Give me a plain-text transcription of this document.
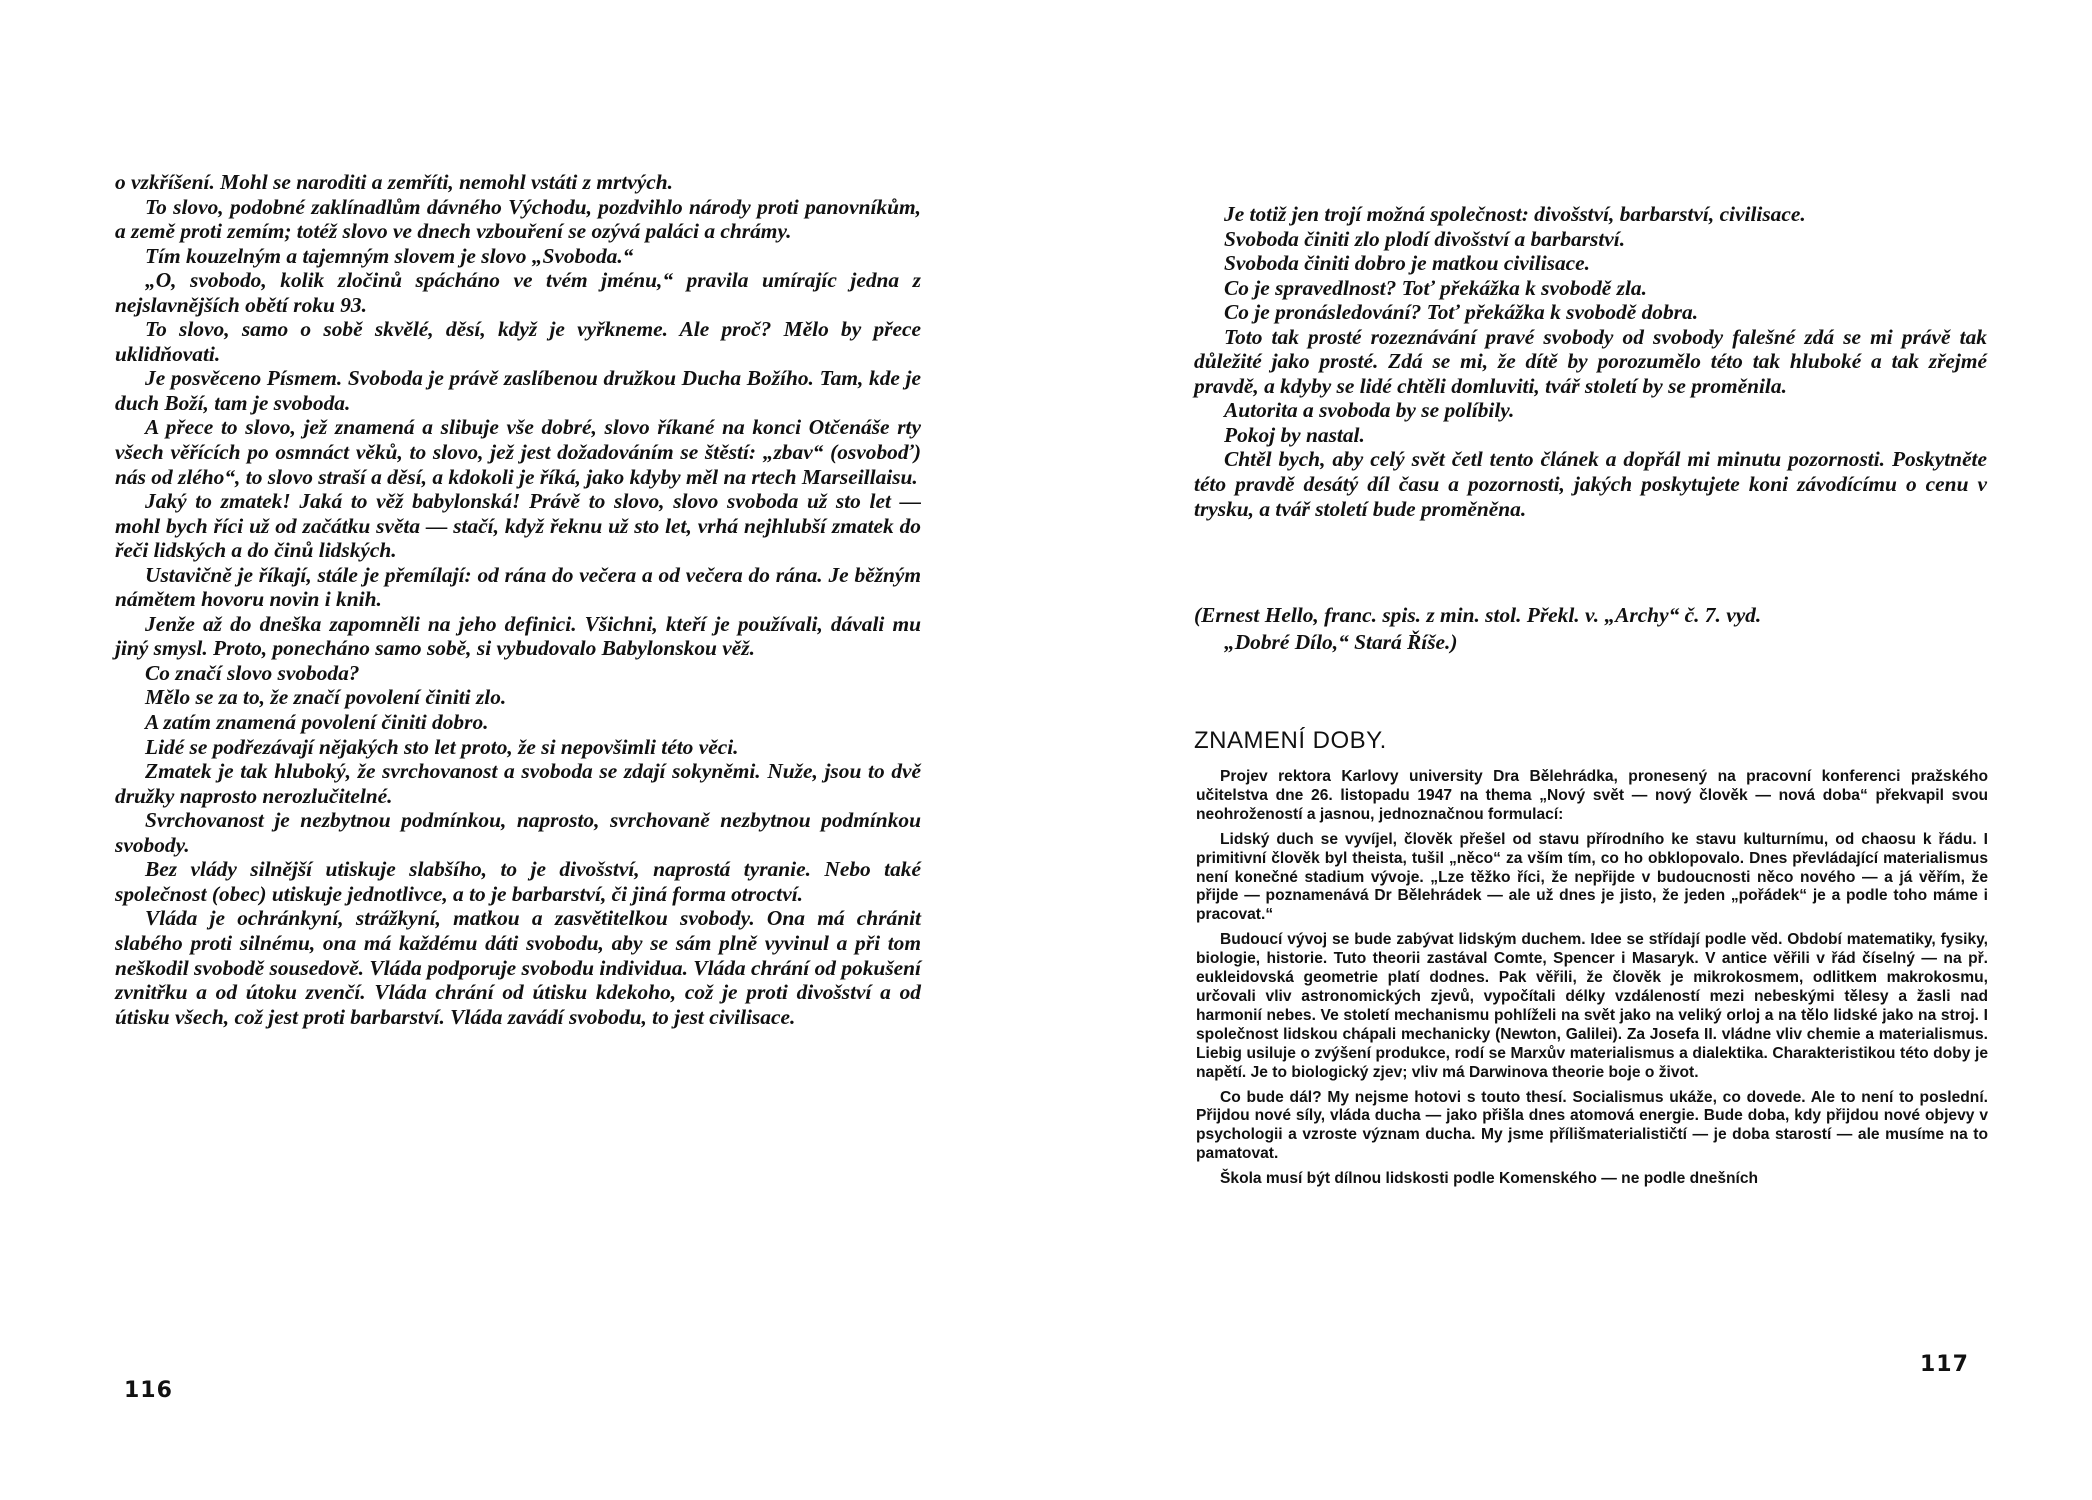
o vzkříšení. Mohl se naroditi a zemříti, nemohl vstáti z mrtvých.

To slovo, podobné zaklínadlům dávného Východu, pozdvihlo národy proti panovníkům, a země proti zemím; totéž slovo ve dnech vzbouření se ozývá paláci a chrámy.

Tím kouzelným a tajemným slovem je slovo „Svoboda.“

„O, svobodo, kolik zločinů spácháno ve tvém jménu,“ pravila umírajíc jedna z nejslavnějších obětí roku 93.

To slovo, samo o sobě skvělé, děsí, když je vyřkneme. Ale proč? Mělo by přece uklidňovati.

Je posvěceno Písmem. Svoboda je právě zaslíbenou družkou Ducha Božího. Tam, kde je duch Boží, tam je svoboda.

A přece to slovo, jež znamená a slibuje vše dobré, slovo říkané na konci Otčenáše rty všech věřících po osmnáct věků, to slovo, jež jest dožadováním se štěstí: „zbav“ (osvoboď) nás od zlého“, to slovo straší a děsí, a kdokoli je říká, jako kdyby měl na rtech Marseillaisu.

Jaký to zmatek! Jaká to věž babylonská! Právě to slovo, slovo svoboda už sto let — mohl bych říci už od začátku světa — stačí, když řeknu už sto let, vrhá nejhlubší zmatek do řeči lidských a do činů lidských.

Ustavičně je říkají, stále je přemílají: od rána do večera a od večera do rána. Je běžným námětem hovoru novin i knih.

Jenže až do dneška zapomněli na jeho definici. Všichni, kteří je používali, dávali mu jiný smysl. Proto, ponecháno samo sobě, si vybudovalo Babylonskou věž.

Co značí slovo svoboda?

Mělo se za to, že značí povolení činiti zlo.

A zatím znamená povolení činiti dobro.

Lidé se podřezávají nějakých sto let proto, že si nepovšimli této věci.

Zmatek je tak hluboký, že svrchovanost a svoboda se zdají sokyněmi. Nuže, jsou to dvě družky naprosto nerozlučitelné.

Svrchovanost je nezbytnou podmínkou, naprosto, svrchovaně nezbytnou podmínkou svobody.

Bez vlády silnější utiskuje slabšího, to je divošství, naprostá tyranie. Nebo také společnost (obec) utiskuje jednotlivce, a to je barbarství, či jiná forma otroctví.

Vláda je ochránkyní, strážkyní, matkou a zasvětitelkou svobody. Ona má chránit slabého proti silnému, ona má každému dáti svobodu, aby se sám plně vyvinul a při tom neškodil svobodě sousedově. Vláda podporuje svobodu individua. Vláda chrání od pokušení zvnitřku a od útoku zvenčí. Vláda chrání od útisku kdekoho, což je proti divošství a od útisku všech, což jest proti barbarství. Vláda zavádí svobodu, to jest civilisace.

116

Je totiž jen trojí možná společnost: divošství, barbarství, civilisace.

Svoboda činiti zlo plodí divošství a barbarství.

Svoboda činiti dobro je matkou civilisace.

Co je spravedlnost? Toť překážka k svobodě zla.

Co je pronásledování? Toť překážka k svobodě dobra.

Toto tak prosté rozeznávání pravé svobody od svobody falešné zdá se mi právě tak důležité jako prosté. Zdá se mi, že dítě by porozumělo této tak hluboké a tak zřejmé pravdě, a kdyby se lidé chtěli domluviti, tvář století by se proměnila.

Autorita a svoboda by se políbily.

Pokoj by nastal.

Chtěl bych, aby celý svět četl tento článek a dopřál mi minutu pozornosti. Poskytněte této pravdě desátý díl času a pozornosti, jakých poskytujete koni závodícímu o cenu v trysku, a tvář století bude proměněna.

(Ernest Hello, franc. spis. z min. stol. Překl. v. „Archy“ č. 7. vyd.
„Dobré Dílo,“ Stará Říše.)
ZNAMENÍ DOBY.

Projev rektora Karlovy university Dra Bělehrádka, pronesený na pracovní konferenci pražského učitelstva dne 26. listopadu 1947 na thema „Nový svět — nový člověk — nová doba“ překvapil svou neohrožeností a jasnou, jednoznačnou formulací:

Lidský duch se vyvíjel, člověk přešel od stavu přírodního ke stavu kulturnímu, od chaosu k řádu. I primitivní člověk byl theista, tušil „něco“ za vším tím, co ho obklopovalo. Dnes převládající materialismus není konečné stadium vývoje. „Lze těžko říci, že nepřijde v budoucnosti něco nového — a já věřím, že přijde — poznamenává Dr Bělehrádek — ale už dnes je jisto, že jeden „pořádek“ je a podle toho máme i pracovat.“

Budoucí vývoj se bude zabývat lidským duchem. Idee se střídají podle věd. Období matematiky, fysiky, biologie, historie. Tuto theorii zastával Comte, Spencer i Masaryk. V antice věřili v řád číselný — na př. eukleidovská geometrie platí dodnes. Pak věřili, že člověk je mikrokosmem, odlitkem makrokosmu, určovali vliv astronomických zjevů, vypočítali délky vzdáleností mezi nebeskými tělesy a žasli nad harmonií nebes. Ve století mechanismu pohlíželi na svět jako na veliký orloj a na tělo lidské jako na stroj. I společnost lidskou chápali mechanicky (Newton, Galilei). Za Josefa II. vládne vliv chemie a materialismus. Liebig usiluje o zvýšení produkce, rodí se Marxův materialismus a dialektika. Charakteristikou této doby je napětí. Je to biologický zjev; vliv má Darwinova theorie boje o život.

Co bude dál? My nejsme hotovi s touto thesí. Socialismus ukáže, co dovede. Ale to není to poslední. Přijdou nové síly, vláda ducha — jako přišla dnes atomová energie. Bude doba, kdy přijdou nové objevy v psychologii a vzroste význam ducha. My jsme přílišmaterialističtí — je doba starostí — ale musíme na to pamatovat.

Škola musí být dílnou lidskosti podle Komenského — ne podle dnešních

117
